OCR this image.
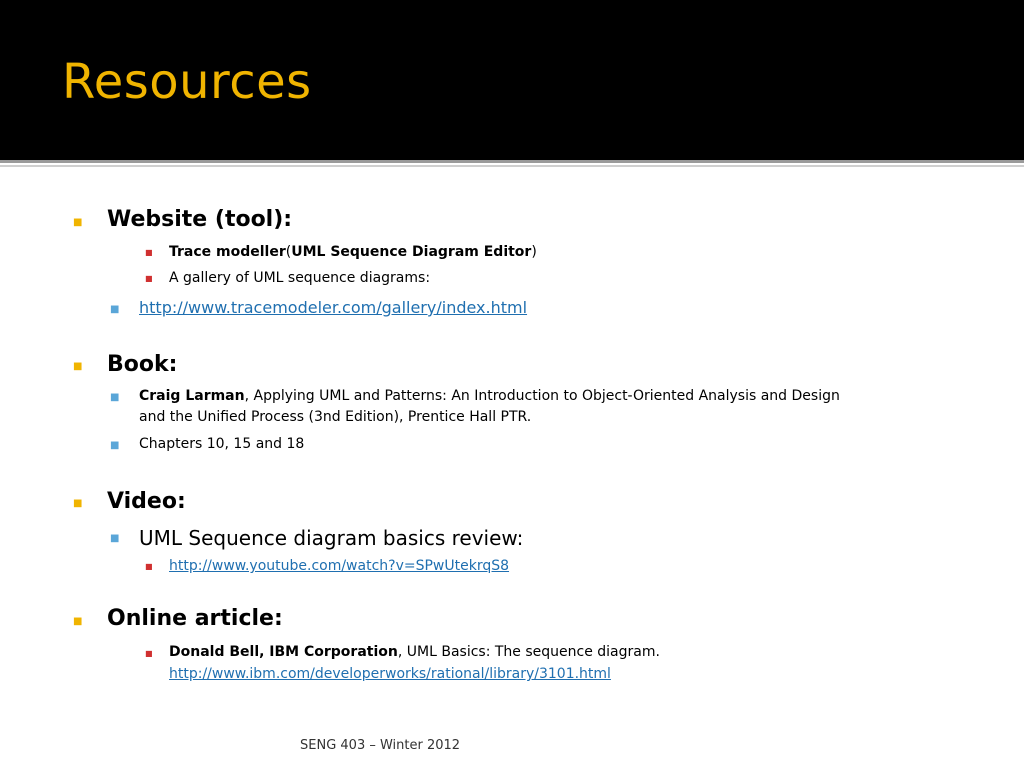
Resources
■ Website (tool):
■ Trace modeller ( UML Sequence Diagram Editor )
■ A gallery of UML sequence diagrams:
■ http://www.tracemodeler.com/gallery/index.html
■ Book:
■ Craig Larman , Applying UML and Patterns: An Introduction to Object-Oriented Analysis and Design
and the Unified Process (3nd Edition), Prentice Hall PTR.
■ Chapters 10, 15 and 18
■ Video:
■ UML Sequence diagram basics review:
■ http://www.youtube.com/watch?v=SPwUtekrqS8
■ Online article:
■ Donald Bell, IBM Corporation , UML Basics: The sequence diagram.
http://www.ibm.com/developerworks/rational/library/3101.html
SENG 403 – Winter 2012
